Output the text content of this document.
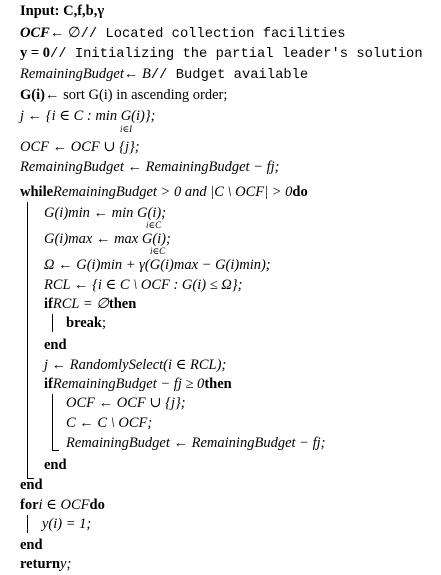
Input: C,f,b,γ
OCF ← ∅ // Located collection facilities
y = 0 // Initializing the partial leader's solution
RemainingBudget ← B // Budget available
G(i) ← sort G(i) in ascending order;
j ← {i ∈ C : min G(i)};
i∈I
OCF ← OCF ∪ {j};
RemainingBudget ← RemainingBudget − fj;
while RemainingBudget > 0 and |C \ OCF| > 0 do
G(i)min ← min G(i);
i∈C
G(i)max ← max G(i);
i∈C
Ω ← G(i)min + γ(G(i)max − G(i)min);
RCL ← {i ∈ C \ OCF : G(i) ≤ Ω};
if RCL = ∅ then
break ;
end
j ← RandomlySelect(i ∈ RCL);
if RemainingBudget − fj ≥ 0 then
OCF ← OCF ∪ {j};
C ← C \ OCF;
RemainingBudget ← RemainingBudget − fj;
end
end
for i ∈ OCF do
y(i) = 1;
end
return y;
